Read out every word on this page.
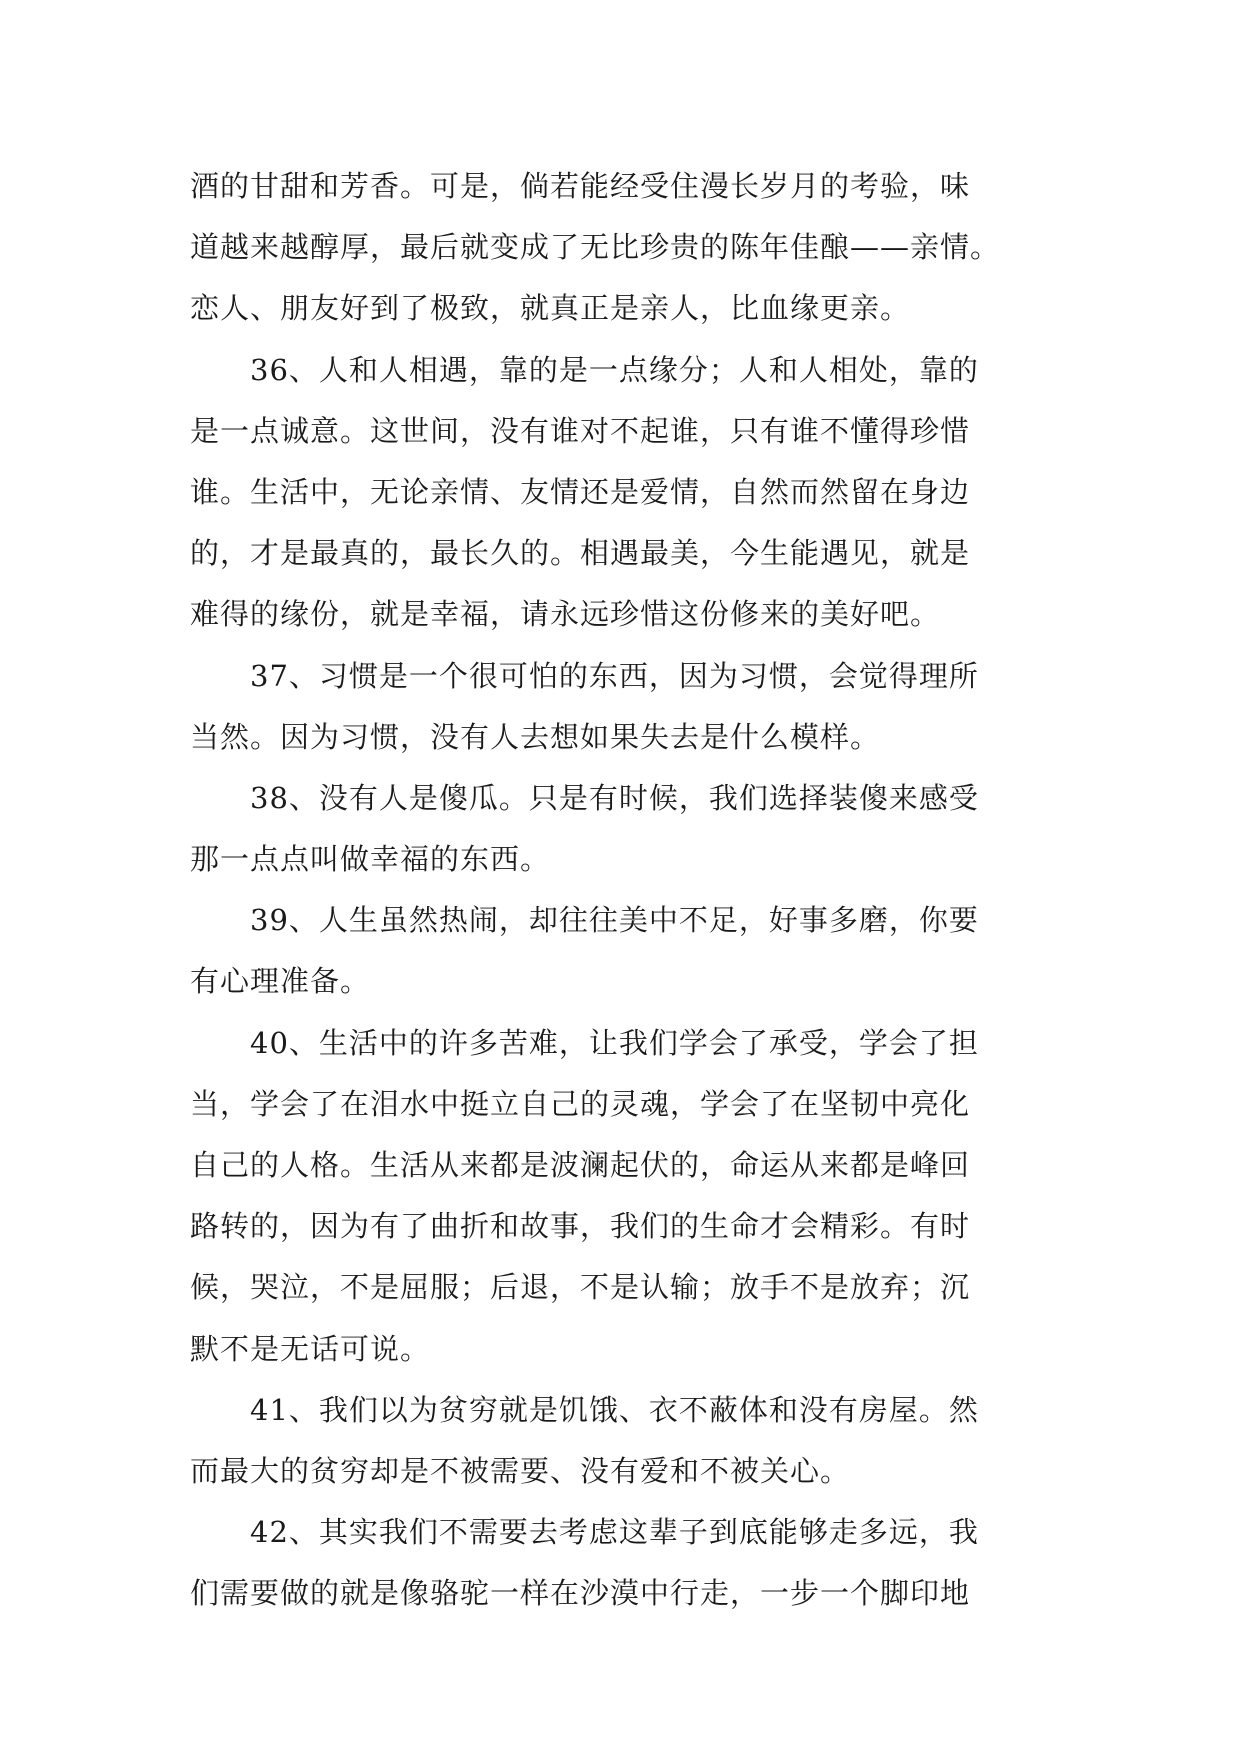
酒的甘甜和芳香。可是，倘若能经受住漫长岁月的考验，味

道越来越醇厚，最后就变成了无比珍贵的陈年佳酿——亲情。

恋人、朋友好到了极致，就真正是亲人，比血缘更亲。

36、人和人相遇，靠的是一点缘分；人和人相处，靠的

是一点诚意。这世间，没有谁对不起谁，只有谁不懂得珍惜

谁。生活中，无论亲情、友情还是爱情，自然而然留在身边

的，才是最真的，最长久的。相遇最美，今生能遇见，就是

难得的缘份，就是幸福，请永远珍惜这份修来的美好吧。

37、习惯是一个很可怕的东西，因为习惯，会觉得理所

当然。因为习惯，没有人去想如果失去是什么模样。

38、没有人是傻瓜。只是有时候，我们选择装傻来感受

那一点点叫做幸福的东西。

39、人生虽然热闹，却往往美中不足，好事多磨，你要

有心理准备。

40、生活中的许多苦难，让我们学会了承受，学会了担

当，学会了在泪水中挺立自己的灵魂，学会了在坚韧中亮化

自己的人格。生活从来都是波澜起伏的，命运从来都是峰回

路转的，因为有了曲折和故事，我们的生命才会精彩。有时

候，哭泣，不是屈服；后退，不是认输；放手不是放弃；沉

默不是无话可说。

41、我们以为贫穷就是饥饿、衣不蔽体和没有房屋。然

而最大的贫穷却是不被需要、没有爱和不被关心。

42、其实我们不需要去考虑这辈子到底能够走多远，我

们需要做的就是像骆驼一样在沙漠中行走，一步一个脚印地
